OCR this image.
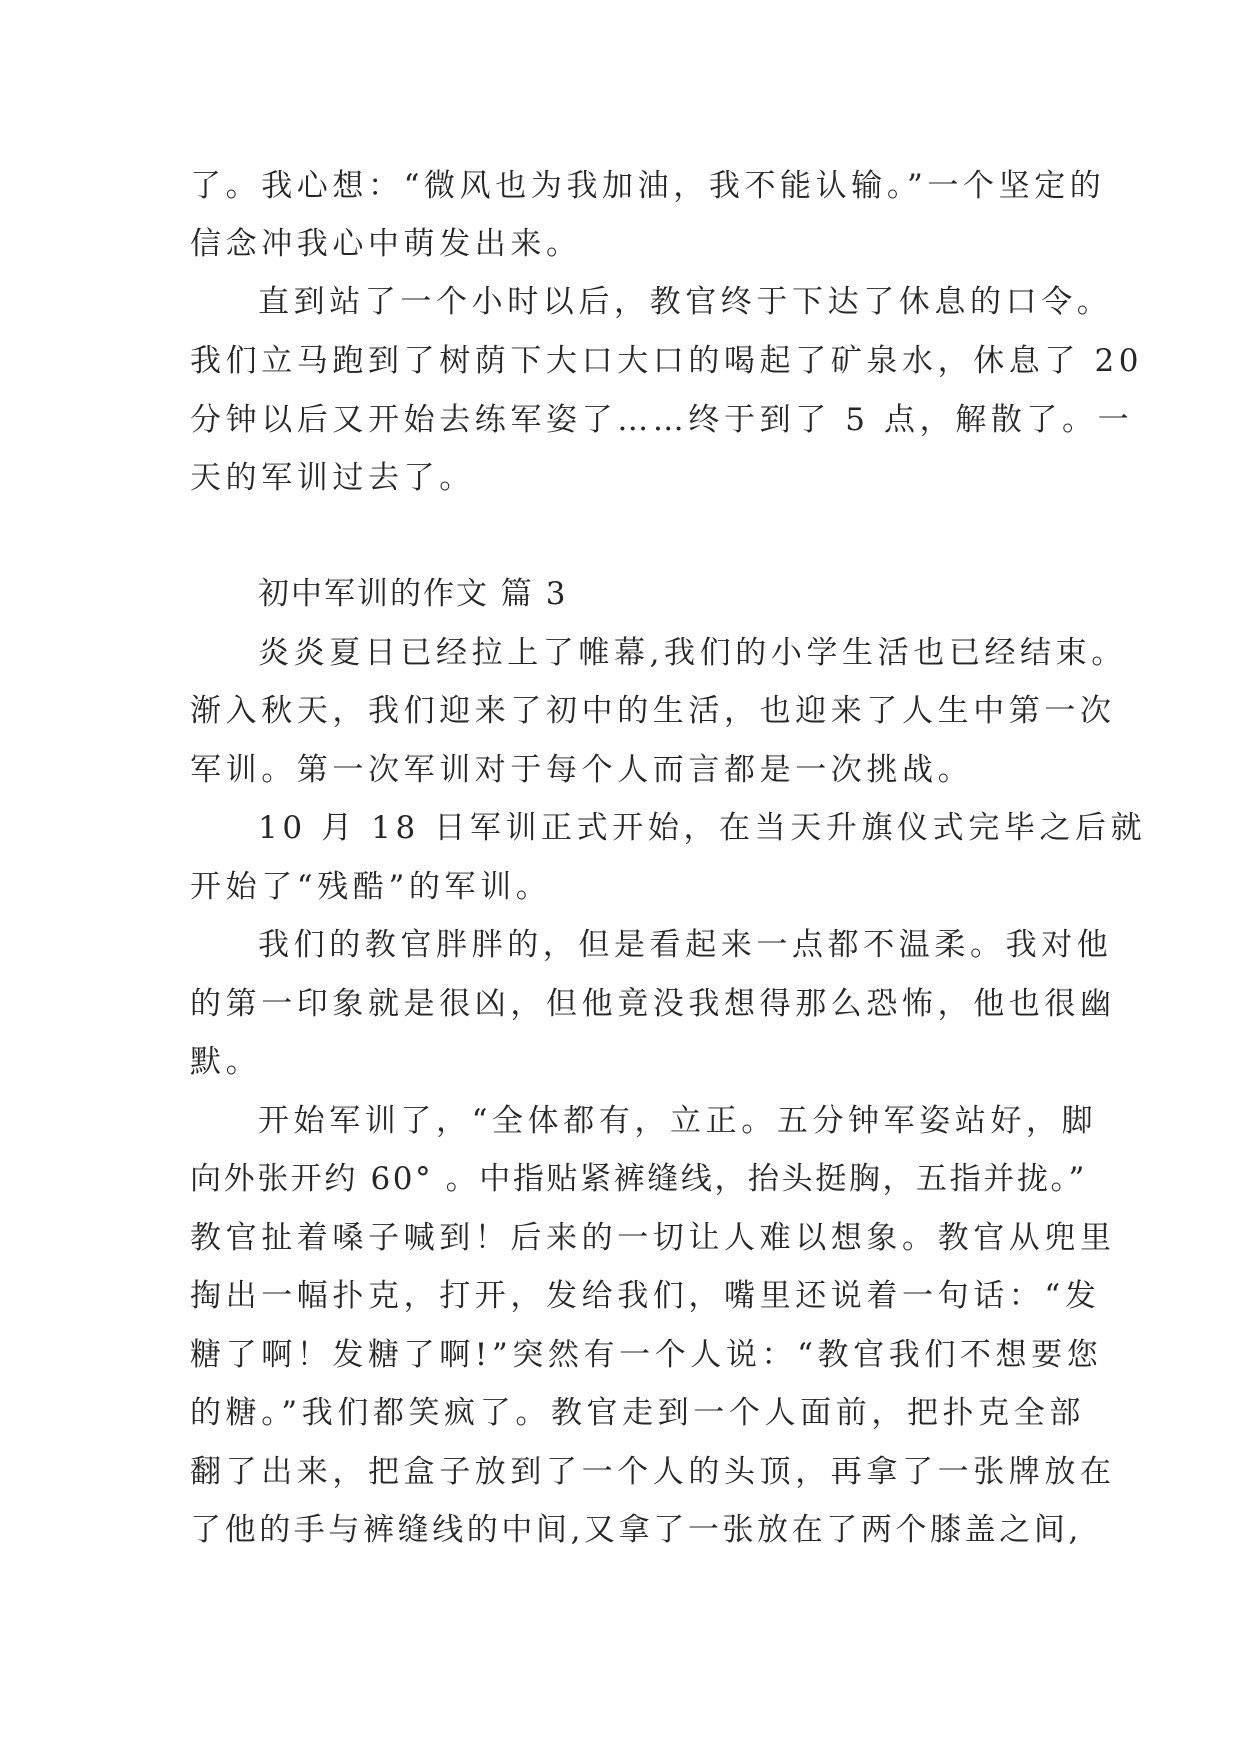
了。我心想：“微风也为我加油，我不能认输。”一个坚定的

信念冲我心中萌发出来。

直到站了一个小时以后，教官终于下达了休息的口令。

我们立马跑到了树荫下大口大口的喝起了矿泉水，休息了 20

分钟以后又开始去练军姿了……终于到了 5 点，解散了。一

天的军训过去了。

初中军训的作文 篇 3

炎炎夏日已经拉上了帷幕,我们的小学生活也已经结束。

渐入秋天，我们迎来了初中的生活，也迎来了人生中第一次

军训。第一次军训对于每个人而言都是一次挑战。

10 月 18 日军训正式开始，在当天升旗仪式完毕之后就

开始了“残酷”的军训。

我们的教官胖胖的，但是看起来一点都不温柔。我对他

的第一印象就是很凶，但他竟没我想得那么恐怖，他也很幽

默。

开始军训了，“全体都有，立正。五分钟军姿站好，脚

向外张开约 60° 。中指贴紧裤缝线，抬头挺胸，五指并拢。”

教官扯着嗓子喊到！后来的一切让人难以想象。教官从兜里

掏出一幅扑克，打开，发给我们，嘴里还说着一句话：“发

糖了啊！发糖了啊!”突然有一个人说：“教官我们不想要您

的糖。”我们都笑疯了。教官走到一个人面前，把扑克全部

翻了出来，把盒子放到了一个人的头顶，再拿了一张牌放在

了他的手与裤缝线的中间,又拿了一张放在了两个膝盖之间,
